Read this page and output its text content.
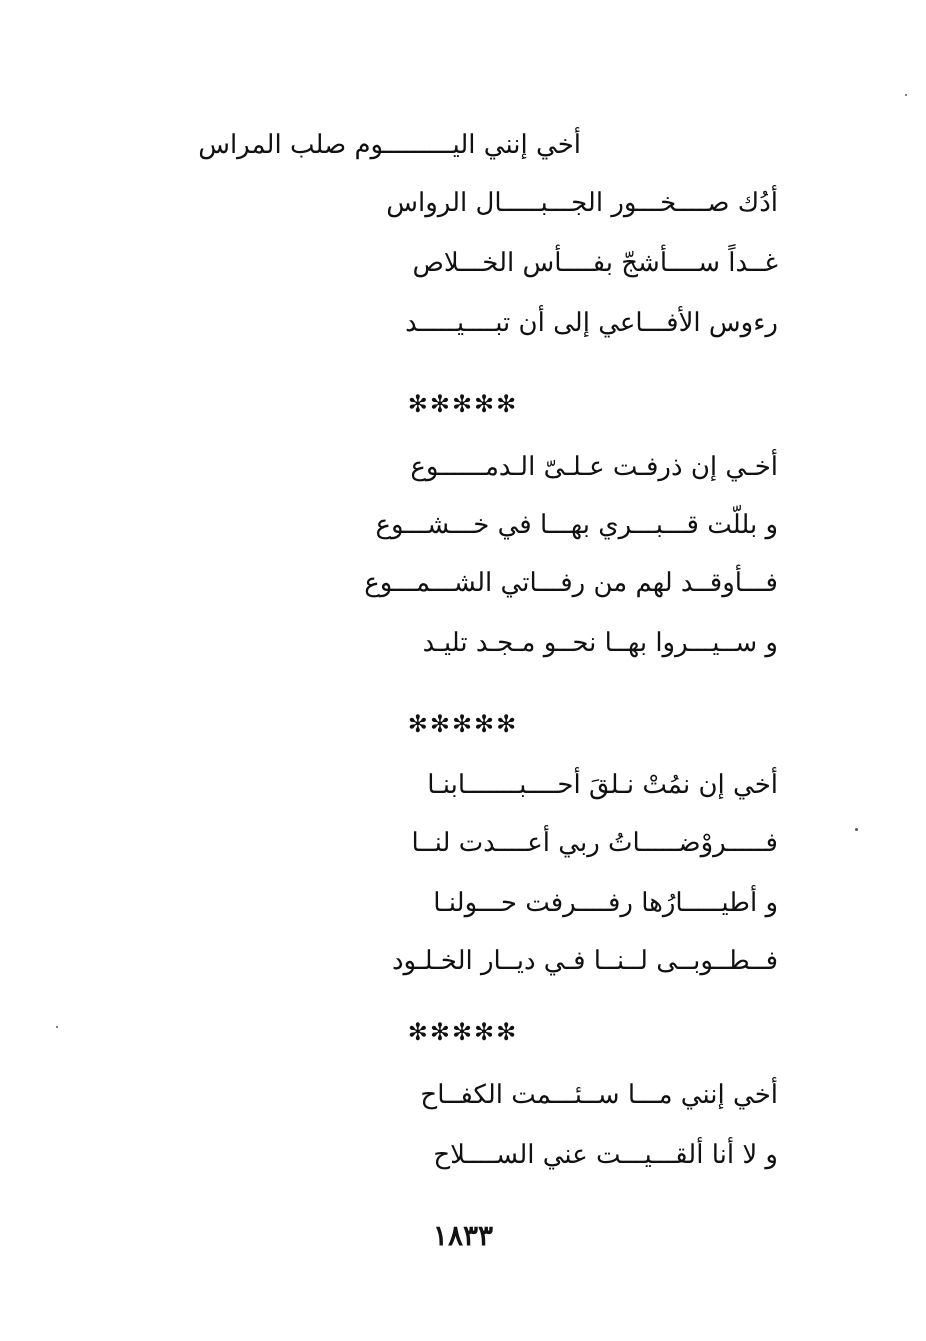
أخي إنني اليـــــــــوم صلب المراس
أدُك صــــخـــور الجـــبـــــال الرواس
غــداً ســــأشجّ بفــــأس الخـــلاص
رءوس الأفـــاعي إلى أن تبــــيـــــد
✻✻✻✻✻
أخـي إن ذرفـت عـلـىّ الـدمــــــوع
و بللّت قـــبـــري بهـــا في خـــشـــوع
فـــأوقــد لهم من رفـــاتي الشـــمـــوع
و ســيـــروا بهــا نحــو مـجـد تليـد
✻✻✻✻✻
أخي إن نمُتْ نـلقَ أحــــبـــــــابنـا
فـــــروْضـــــاتُ ربي أعــــدت لنــا
و أطيـــــارُها رفــــرفت حـــولنـا
فــطــوبــى لــنــا فـي ديــار الخـلـود
✻✻✻✻✻
أخي إنني مـــا ســئـــمت الكفــاح
و لا أنا ألقـــيـــت عني الســــلاح
١٨٣٣
